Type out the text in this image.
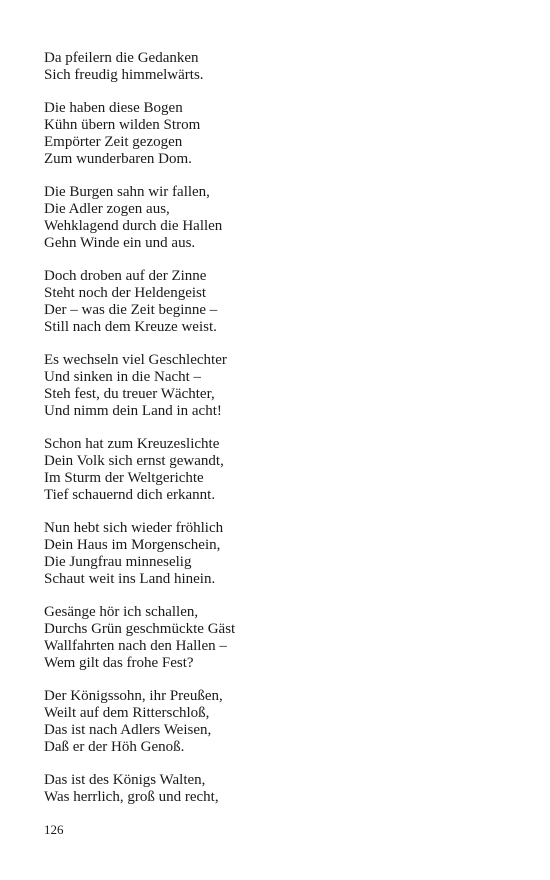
Da pfeilern die Gedanken
Sich freudig himmelwärts.
Die haben diese Bogen
Kühn übern wilden Strom
Empörter Zeit gezogen
Zum wunderbaren Dom.
Die Burgen sahn wir fallen,
Die Adler zogen aus,
Wehklagend durch die Hallen
Gehn Winde ein und aus.
Doch droben auf der Zinne
Steht noch der Heldengeist
Der – was die Zeit beginne –
Still nach dem Kreuze weist.
Es wechseln viel Geschlechter
Und sinken in die Nacht –
Steh fest, du treuer Wächter,
Und nimm dein Land in acht!
Schon hat zum Kreuzeslichte
Dein Volk sich ernst gewandt,
Im Sturm der Weltgerichte
Tief schauernd dich erkannt.
Nun hebt sich wieder fröhlich
Dein Haus im Morgenschein,
Die Jungfrau minneselig
Schaut weit ins Land hinein.
Gesänge hör ich schallen,
Durchs Grün geschmückte Gäst
Wallfahrten nach den Hallen –
Wem gilt das frohe Fest?
Der Königssohn, ihr Preußen,
Weilt auf dem Ritterschloß,
Das ist nach Adlers Weisen,
Daß er der Höh Genoß.
Das ist des Königs Walten,
Was herrlich, groß und recht,
126
